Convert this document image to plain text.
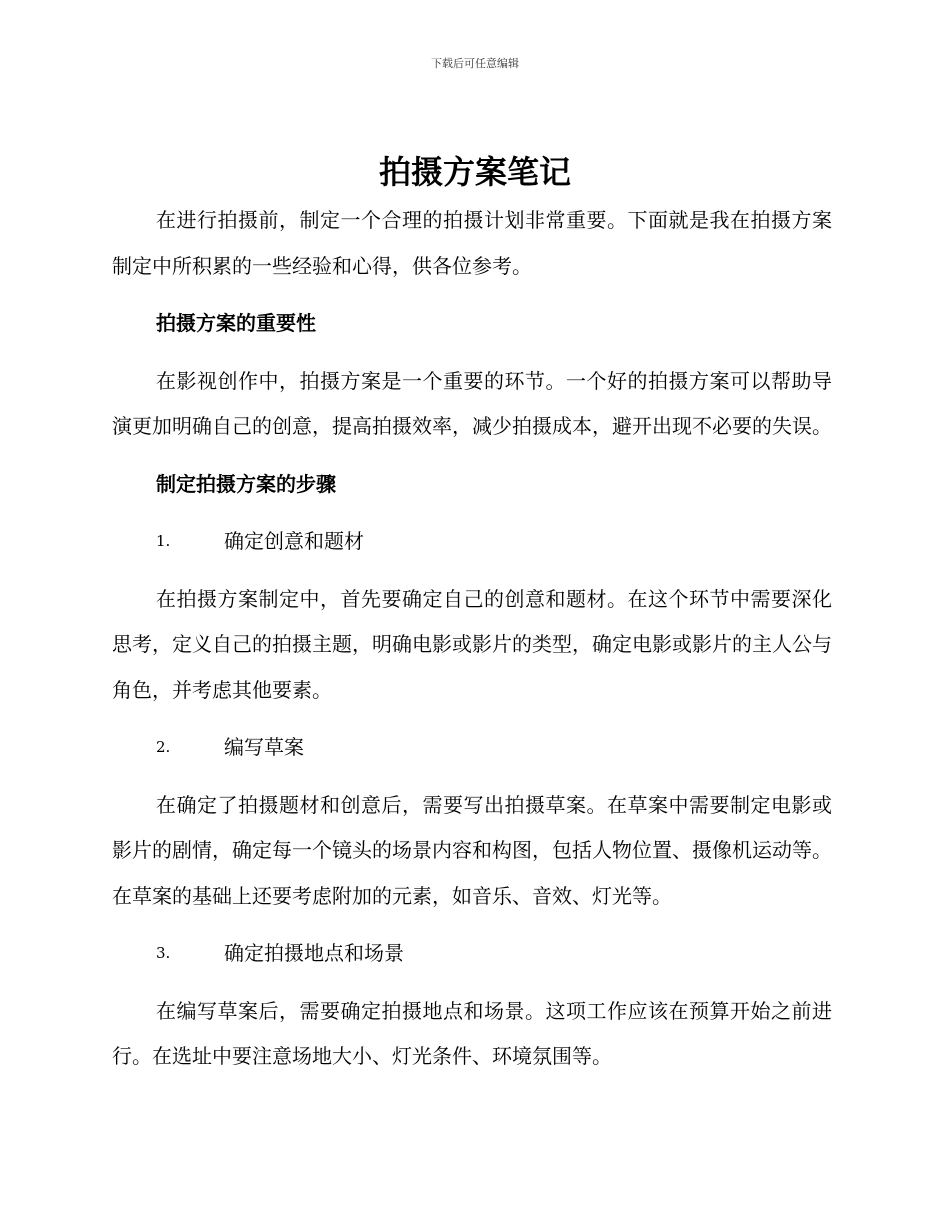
下载后可任意编辑
拍摄方案笔记

在进行拍摄前，制定一个合理的拍摄计划非常重要。下面就是我在拍摄方案制定中所积累的一些经验和心得，供各位参考。

拍摄方案的重要性

在影视创作中，拍摄方案是一个重要的环节。一个好的拍摄方案可以帮助导演更加明确自己的创意，提高拍摄效率，减少拍摄成本，避开出现不必要的失误。

制定拍摄方案的步骤

1.	确定创意和题材

在拍摄方案制定中，首先要确定自己的创意和题材。在这个环节中需要深化思考，定义自己的拍摄主题，明确电影或影片的类型，确定电影或影片的主人公与角色，并考虑其他要素。

2.	编写草案

在确定了拍摄题材和创意后，需要写出拍摄草案。在草案中需要制定电影或影片的剧情，确定每一个镜头的场景内容和构图，包括人物位置、摄像机运动等。在草案的基础上还要考虑附加的元素，如音乐、音效、灯光等。

3.	确定拍摄地点和场景

在编写草案后，需要确定拍摄地点和场景。这项工作应该在预算开始之前进行。在选址中要注意场地大小、灯光条件、环境氛围等。
